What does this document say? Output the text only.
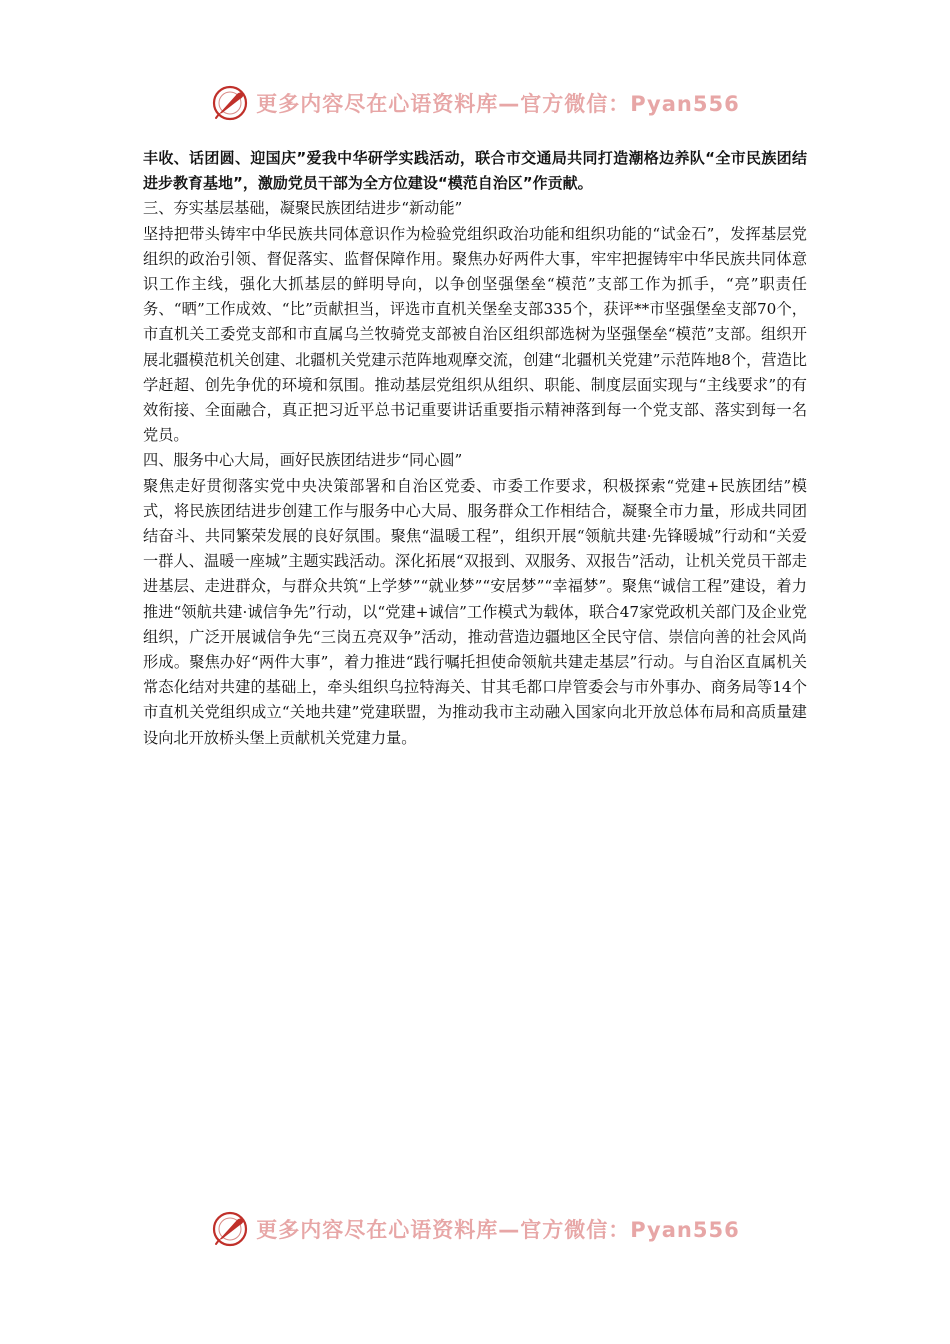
更多内容尽在心语资料库—官方微信：Pyan556

丰收、话团圆、迎国庆”爱我中华研学实践活动，联合市交通局共同打造潮格边养队“全市民族团结进步教育基地”，激励党员干部为全方位建设“模范自治区”作贡献。

三、夯实基层基础，凝聚民族团结进步“新动能”

坚持把带头铸牢中华民族共同体意识作为检验党组织政治功能和组织功能的“试金石”，发挥基层党组织的政治引领、督促落实、监督保障作用。聚焦办好两件大事，牢牢把握铸牢中华民族共同体意识工作主线，强化大抓基层的鲜明导向，以争创坚强堡垒“模范”支部工作为抓手，“亮”职责任务、“晒”工作成效、“比”贡献担当，评选市直机关堡垒支部335个，获评**市坚强堡垒支部70个，市直机关工委党支部和市直属乌兰牧骑党支部被自治区组织部选树为坚强堡垒“模范”支部。组织开展北疆模范机关创建、北疆机关党建示范阵地观摩交流，创建“北疆机关党建”示范阵地8个，营造比学赶超、创先争优的环境和氛围。推动基层党组织从组织、职能、制度层面实现与“主线要求”的有效衔接、全面融合，真正把习近平总书记重要讲话重要指示精神落到每一个党支部、落实到每一名党员。

四、服务中心大局，画好民族团结进步“同心圆”

聚焦走好贯彻落实党中央决策部署和自治区党委、市委工作要求，积极探索“党建+民族团结”模式，将民族团结进步创建工作与服务中心大局、服务群众工作相结合，凝聚全市力量，形成共同团结奋斗、共同繁荣发展的良好氛围。聚焦“温暖工程”，组织开展“领航共建·先锋暖城”行动和“关爱一群人、温暖一座城”主题实践活动。深化拓展“双报到、双服务、双报告”活动，让机关党员干部走进基层、走进群众，与群众共筑“上学梦”“就业梦”“安居梦”“幸福梦”。聚焦“诚信工程”建设，着力推进“领航共建·诚信争先”行动，以“党建+诚信”工作模式为载体，联合47家党政机关部门及企业党组织，广泛开展诚信争先“三岗五亮双争”活动，推动营造边疆地区全民守信、崇信向善的社会风尚形成。聚焦办好“两件大事”，着力推进“践行嘱托担使命领航共建走基层”行动。与自治区直属机关常态化结对共建的基础上，牵头组织乌拉特海关、甘其毛都口岸管委会与市外事办、商务局等14个市直机关党组织成立“关地共建”党建联盟，为推动我市主动融入国家向北开放总体布局和高质量建设向北开放桥头堡上贡献机关党建力量。

更多内容尽在心语资料库—官方微信：Pyan556
